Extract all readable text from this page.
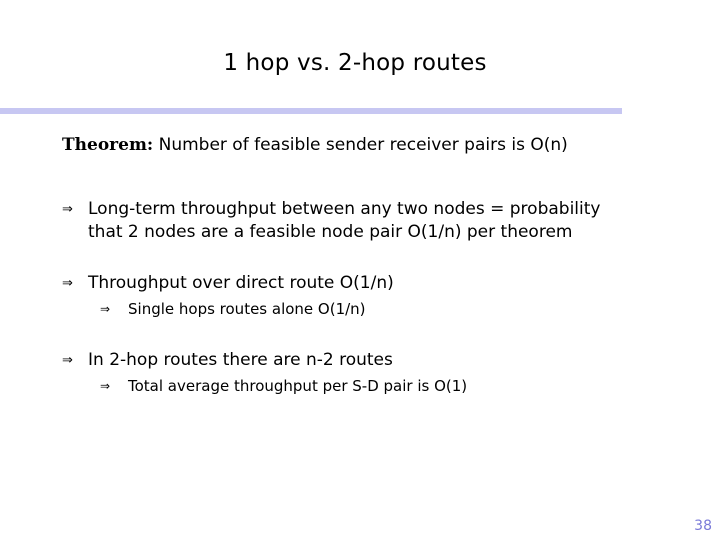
1 hop vs. 2-hop routes
Theorem: Number of feasible sender receiver pairs is O(n)
⇒ Long-term throughput between any two nodes = probability
that 2 nodes are a feasible node pair O(1/n) per theorem
⇒ Throughput over direct route O(1/n)
⇒ Single hops routes alone O(1/n)
⇒ In 2-hop routes there are n-2 routes
⇒ Total average throughput per S-D pair is O(1)
38
